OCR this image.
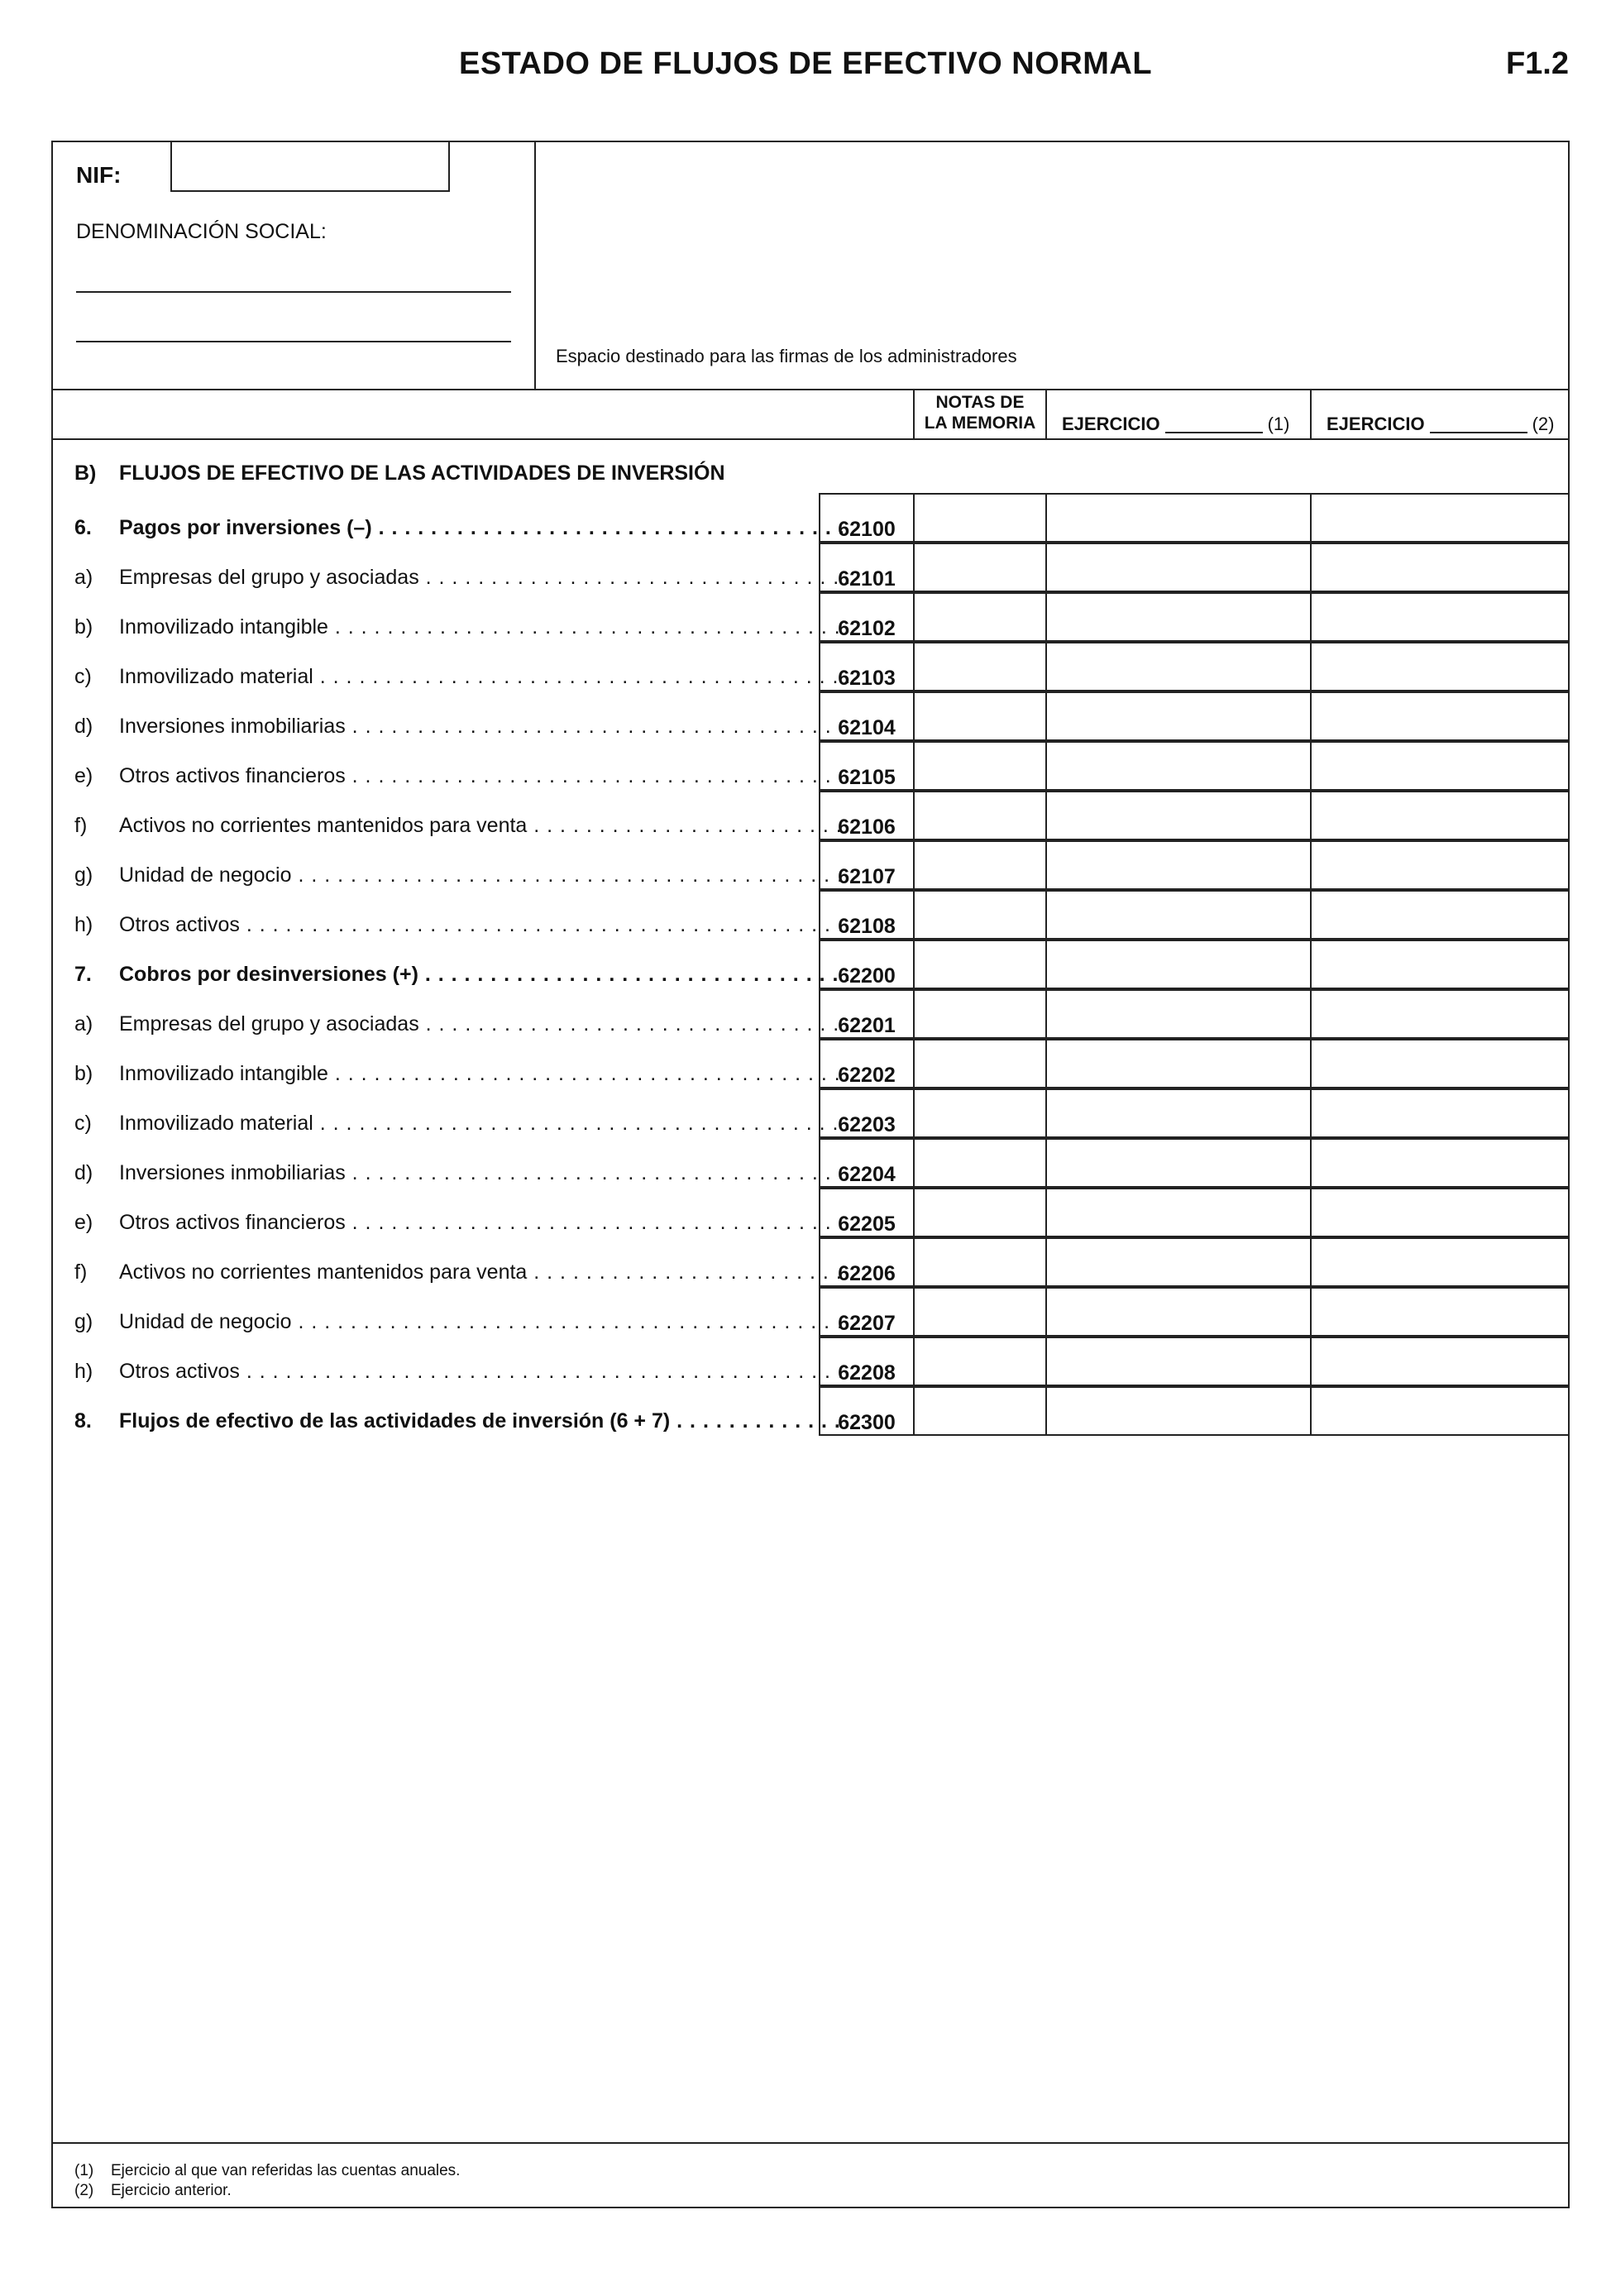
ESTADO DE FLUJOS DE EFECTIVO NORMAL	F1.2
NIF:
DENOMINACIÓN SOCIAL:
Espacio destinado para las firmas de los administradores
NOTAS DE
LA MEMORIA	EJERCICIO	(1)	EJERCICIO	(2)
B) FLUJOS DE EFECTIVO DE LAS ACTIVIDADES DE INVERSIÓN
6. Pagos por inversiones (–) . . .	62100
a) Empresas del grupo y asociadas . . .	62101
b) Inmovilizado intangible . . .	62102
c) Inmovilizado material . . .	62103
d) Inversiones inmobiliarias . . .	62104
e) Otros activos financieros . . .	62105
f) Activos no corrientes mantenidos para venta . . .	62106
g) Unidad de negocio . . .	62107
h) Otros activos . . .	62108
7. Cobros por desinversiones (+) . . .	62200
a) Empresas del grupo y asociadas . . .	62201
b) Inmovilizado intangible . . .	62202
c) Inmovilizado material . . .	62203
d) Inversiones inmobiliarias . . .	62204
e) Otros activos financieros . . .	62205
f) Activos no corrientes mantenidos para venta . . .	62206
g) Unidad de negocio . . .	62207
h) Otros activos . . .	62208
8. Flujos de efectivo de las actividades de inversión (6 + 7) . . .	62300
(1) Ejercicio al que van referidas las cuentas anuales.
(2) Ejercicio anterior.
